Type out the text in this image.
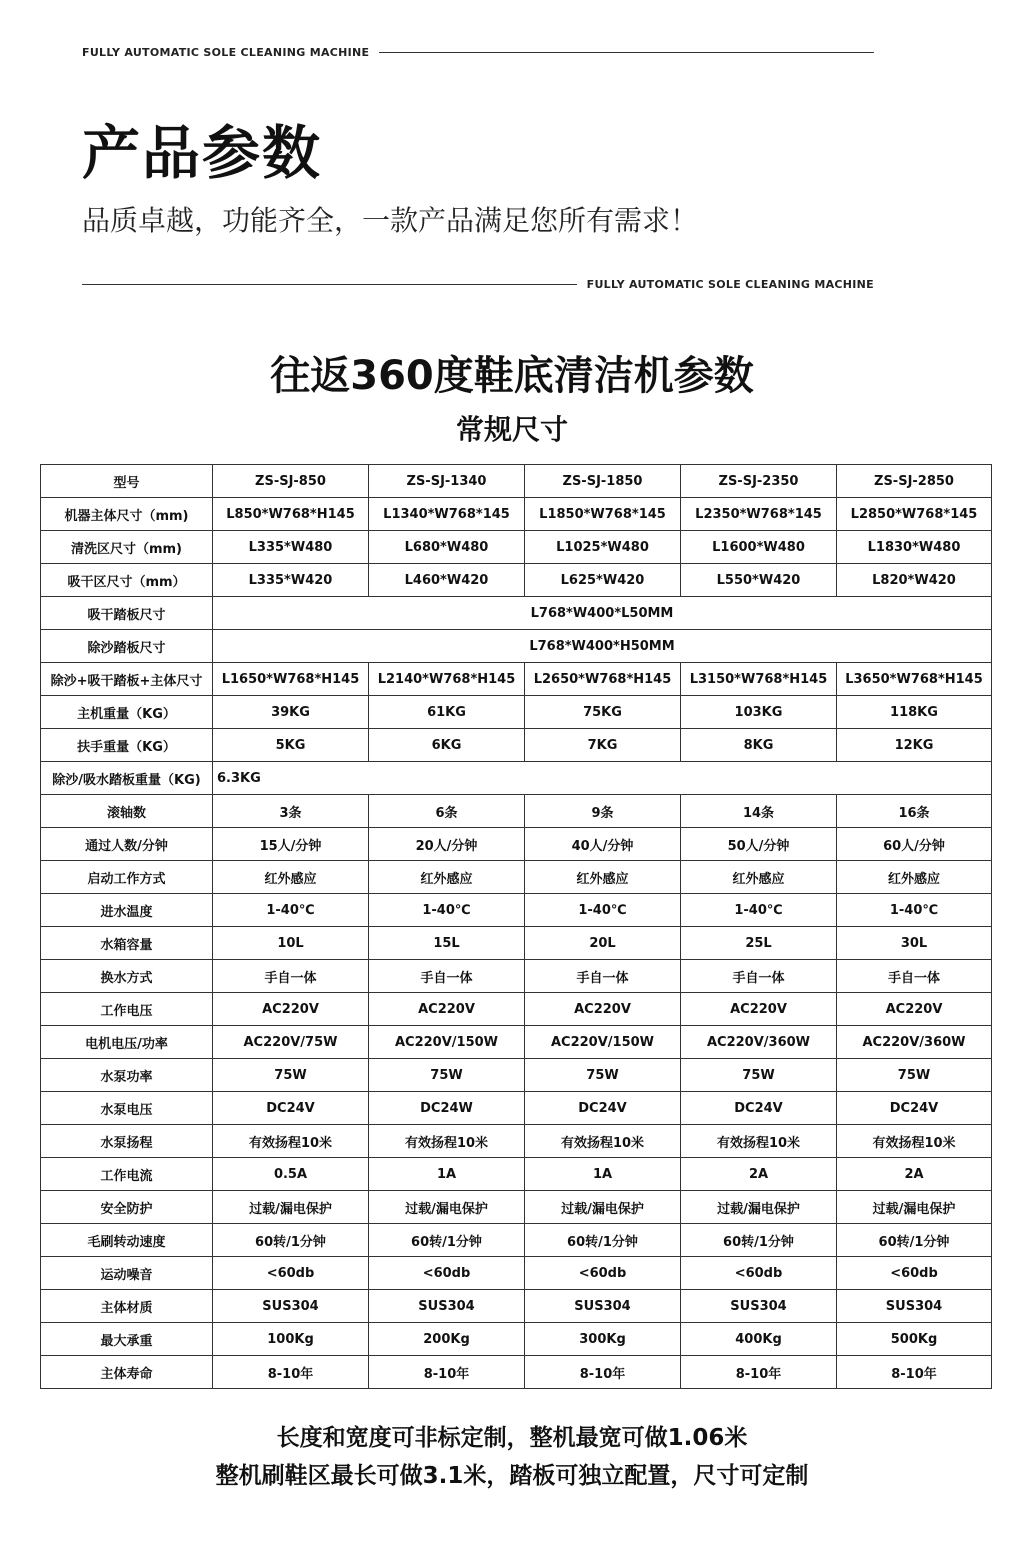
FULLY AUTOMATIC SOLE CLEANING MACHINE
产品参数
品质卓越，功能齐全，一款产品满足您所有需求！
FULLY AUTOMATIC SOLE CLEANING MACHINE
往返360度鞋底清洁机参数
常规尺寸
型号	ZS-SJ-850	ZS-SJ-1340	ZS-SJ-1850	ZS-SJ-2350	ZS-SJ-2850
机器主体尺寸（mm)	L850*W768*H145	L1340*W768*145	L1850*W768*145	L2350*W768*145	L2850*W768*145
清洗区尺寸（mm)	L335*W480	L680*W480	L1025*W480	L1600*W480	L1830*W480
吸干区尺寸（mm）	L335*W420	L460*W420	L625*W420	L550*W420	L820*W420
吸干踏板尺寸	L768*W400*L50MM				
除沙踏板尺寸	L768*W400*H50MM				
除沙+吸干踏板+主体尺寸	L1650*W768*H145	L2140*W768*H145	L2650*W768*H145	L3150*W768*H145	L3650*W768*H145
主机重量（KG）	39KG	61KG	75KG	103KG	118KG
扶手重量（KG）	5KG	6KG	7KG	8KG	12KG
除沙/吸水踏板重量（KG)	6.3KG				
滚轴数	3条	6条	9条	14条	16条
通过人数/分钟	15人/分钟	20人/分钟	40人/分钟	50人/分钟	60人/分钟
启动工作方式	红外感应	红外感应	红外感应	红外感应	红外感应
进水温度	1-40℃	1-40℃	1-40℃	1-40℃	1-40℃
水箱容量	10L	15L	20L	25L	30L
换水方式	手自一体	手自一体	手自一体	手自一体	手自一体
工作电压	AC220V	AC220V	AC220V	AC220V	AC220V
电机电压/功率	AC220V/75W	AC220V/150W	AC220V/150W	AC220V/360W	AC220V/360W
水泵功率	75W	75W	75W	75W	75W
水泵电压	DC24V	DC24W	DC24V	DC24V	DC24V
水泵扬程	有效扬程10米	有效扬程10米	有效扬程10米	有效扬程10米	有效扬程10米
工作电流	0.5A	1A	1A	2A	2A
安全防护	过载/漏电保护	过载/漏电保护	过载/漏电保护	过载/漏电保护	过载/漏电保护
毛刷转动速度	60转/1分钟	60转/1分钟	60转/1分钟	60转/1分钟	60转/1分钟
运动噪音	<60db	<60db	<60db	<60db	<60db
主体材质	SUS304	SUS304	SUS304	SUS304	SUS304
最大承重	100Kg	200Kg	300Kg	400Kg	500Kg
主体寿命	8-10年	8-10年	8-10年	8-10年	8-10年
长度和宽度可非标定制，整机最宽可做1.06米
整机刷鞋区最长可做3.1米，踏板可独立配置，尺寸可定制
